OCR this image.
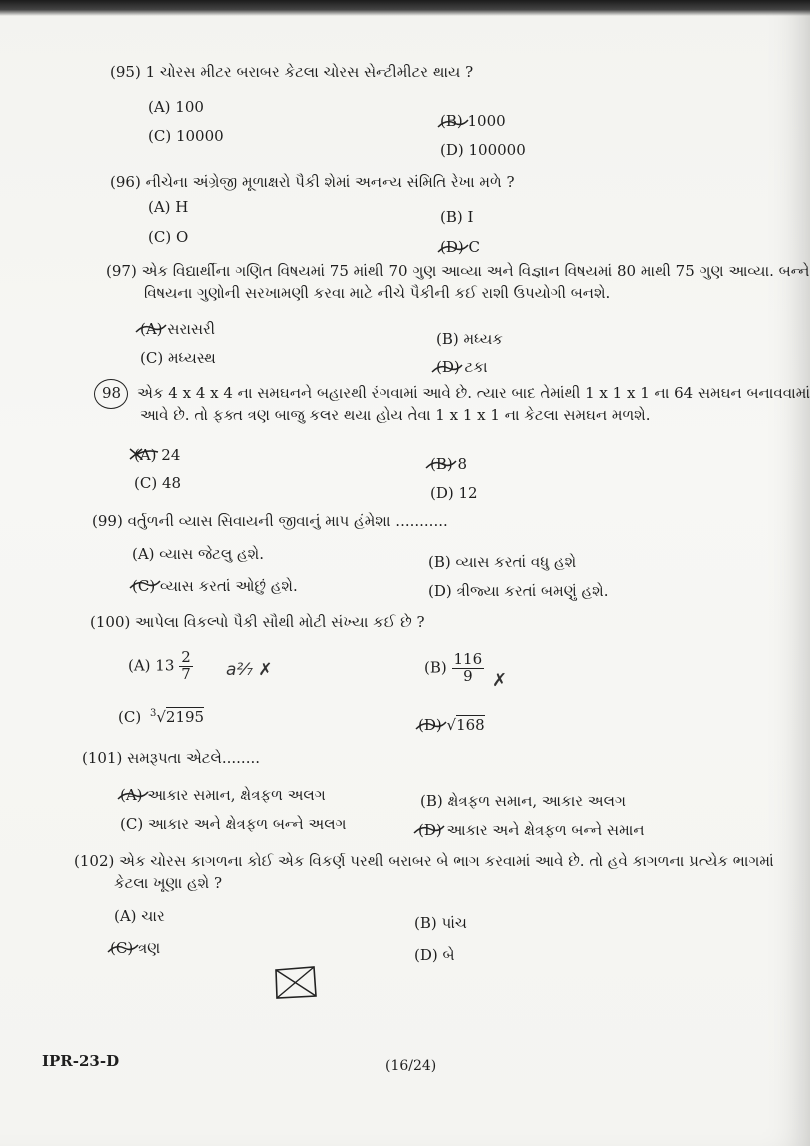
(95) 1 ચોરસ મીટર બરાબર કેટલા ચોરસ સેન્ટીમીટર થાય ?
(A) 100
(C) 10000
(B) 1000
(D) 100000
(96) નીચેના અંગ્રેજી મૂળાક્ષરો પૈકી શેમાં અનન્ય સંમિતિ રેખા મળે ?
(A) H
(C) O
(B) I
(D) C
(97) એક વિદ્યાર્થીના ગણિત વિષયમાં 75 માંથી 70 ગુણ આવ્યા અને વિજ્ઞાન વિષયમાં 80 માથી 75 ગુણ આવ્યા. બન્ને
વિષયના ગુણોની સરખામણી કરવા માટે નીચે પૈકીની કઈ રાશી ઉપયોગી બનશે.
(A) સરાસરી
(C) મધ્યસ્થ
(B) મધ્યક
(D) ટકા
98 એક 4 x 4 x 4 ના સમઘનને બહારથી રંગવામાં આવે છે. ત્યાર બાદ તેમાંથી 1 x 1 x 1 ના 64 સમઘન બનાવવામાં
આવે છે. તો ફક્ત ત્રણ બાજુ કલર થયા હોય તેવા 1 x 1 x 1 ના કેટલા સમઘન મળશે.
(A) 24
(C) 48
(B) 8
(D) 12
(99) વર્તુળની વ્યાસ સિવાયની જીવાનું માપ હંમેશા ...........
(A) વ્યાસ જેટલુ હશે.
(C) વ્યાસ કરતાં ઓછું હશે.
(B) વ્યાસ કરતાં વધુ હશે
(D) ત્રીજ્યા કરતાં બમણું હશે.
(100) આપેલા વિકલ્પો પૈકી સૌથી મોટી સંખ્યા કઈ છે ?
(A) $13 \frac{2}{7}$ a²⁄₇ ✗	$(B) \frac{116}{9}$ ✗
(C) $^3$√2195	(D) √168
(101) સમરૂપતા એટલે........
(A) આકાર સમાન, ક્ષેત્રફળ અલગ
(C) આકાર અને ક્ષેત્રફળ બન્ને અલગ
(B) ક્ષેત્રફળ સમાન, આકાર અલગ
(D) આકાર અને ક્ષેત્રફળ બન્ને સમાન
(102) એક ચોરસ કાગળના કોઈ એક વિકર્ણ પરથી બરાબર બે ભાગ કરવામાં આવે છે. તો હવે કાગળના પ્રત્યેક ભાગમાં
કેટલા ખૂણા હશે ?
(A) ચાર
(C) ત્રણ
(B) પાંચ
(D) બે
IPR-23-D	(16/24)
